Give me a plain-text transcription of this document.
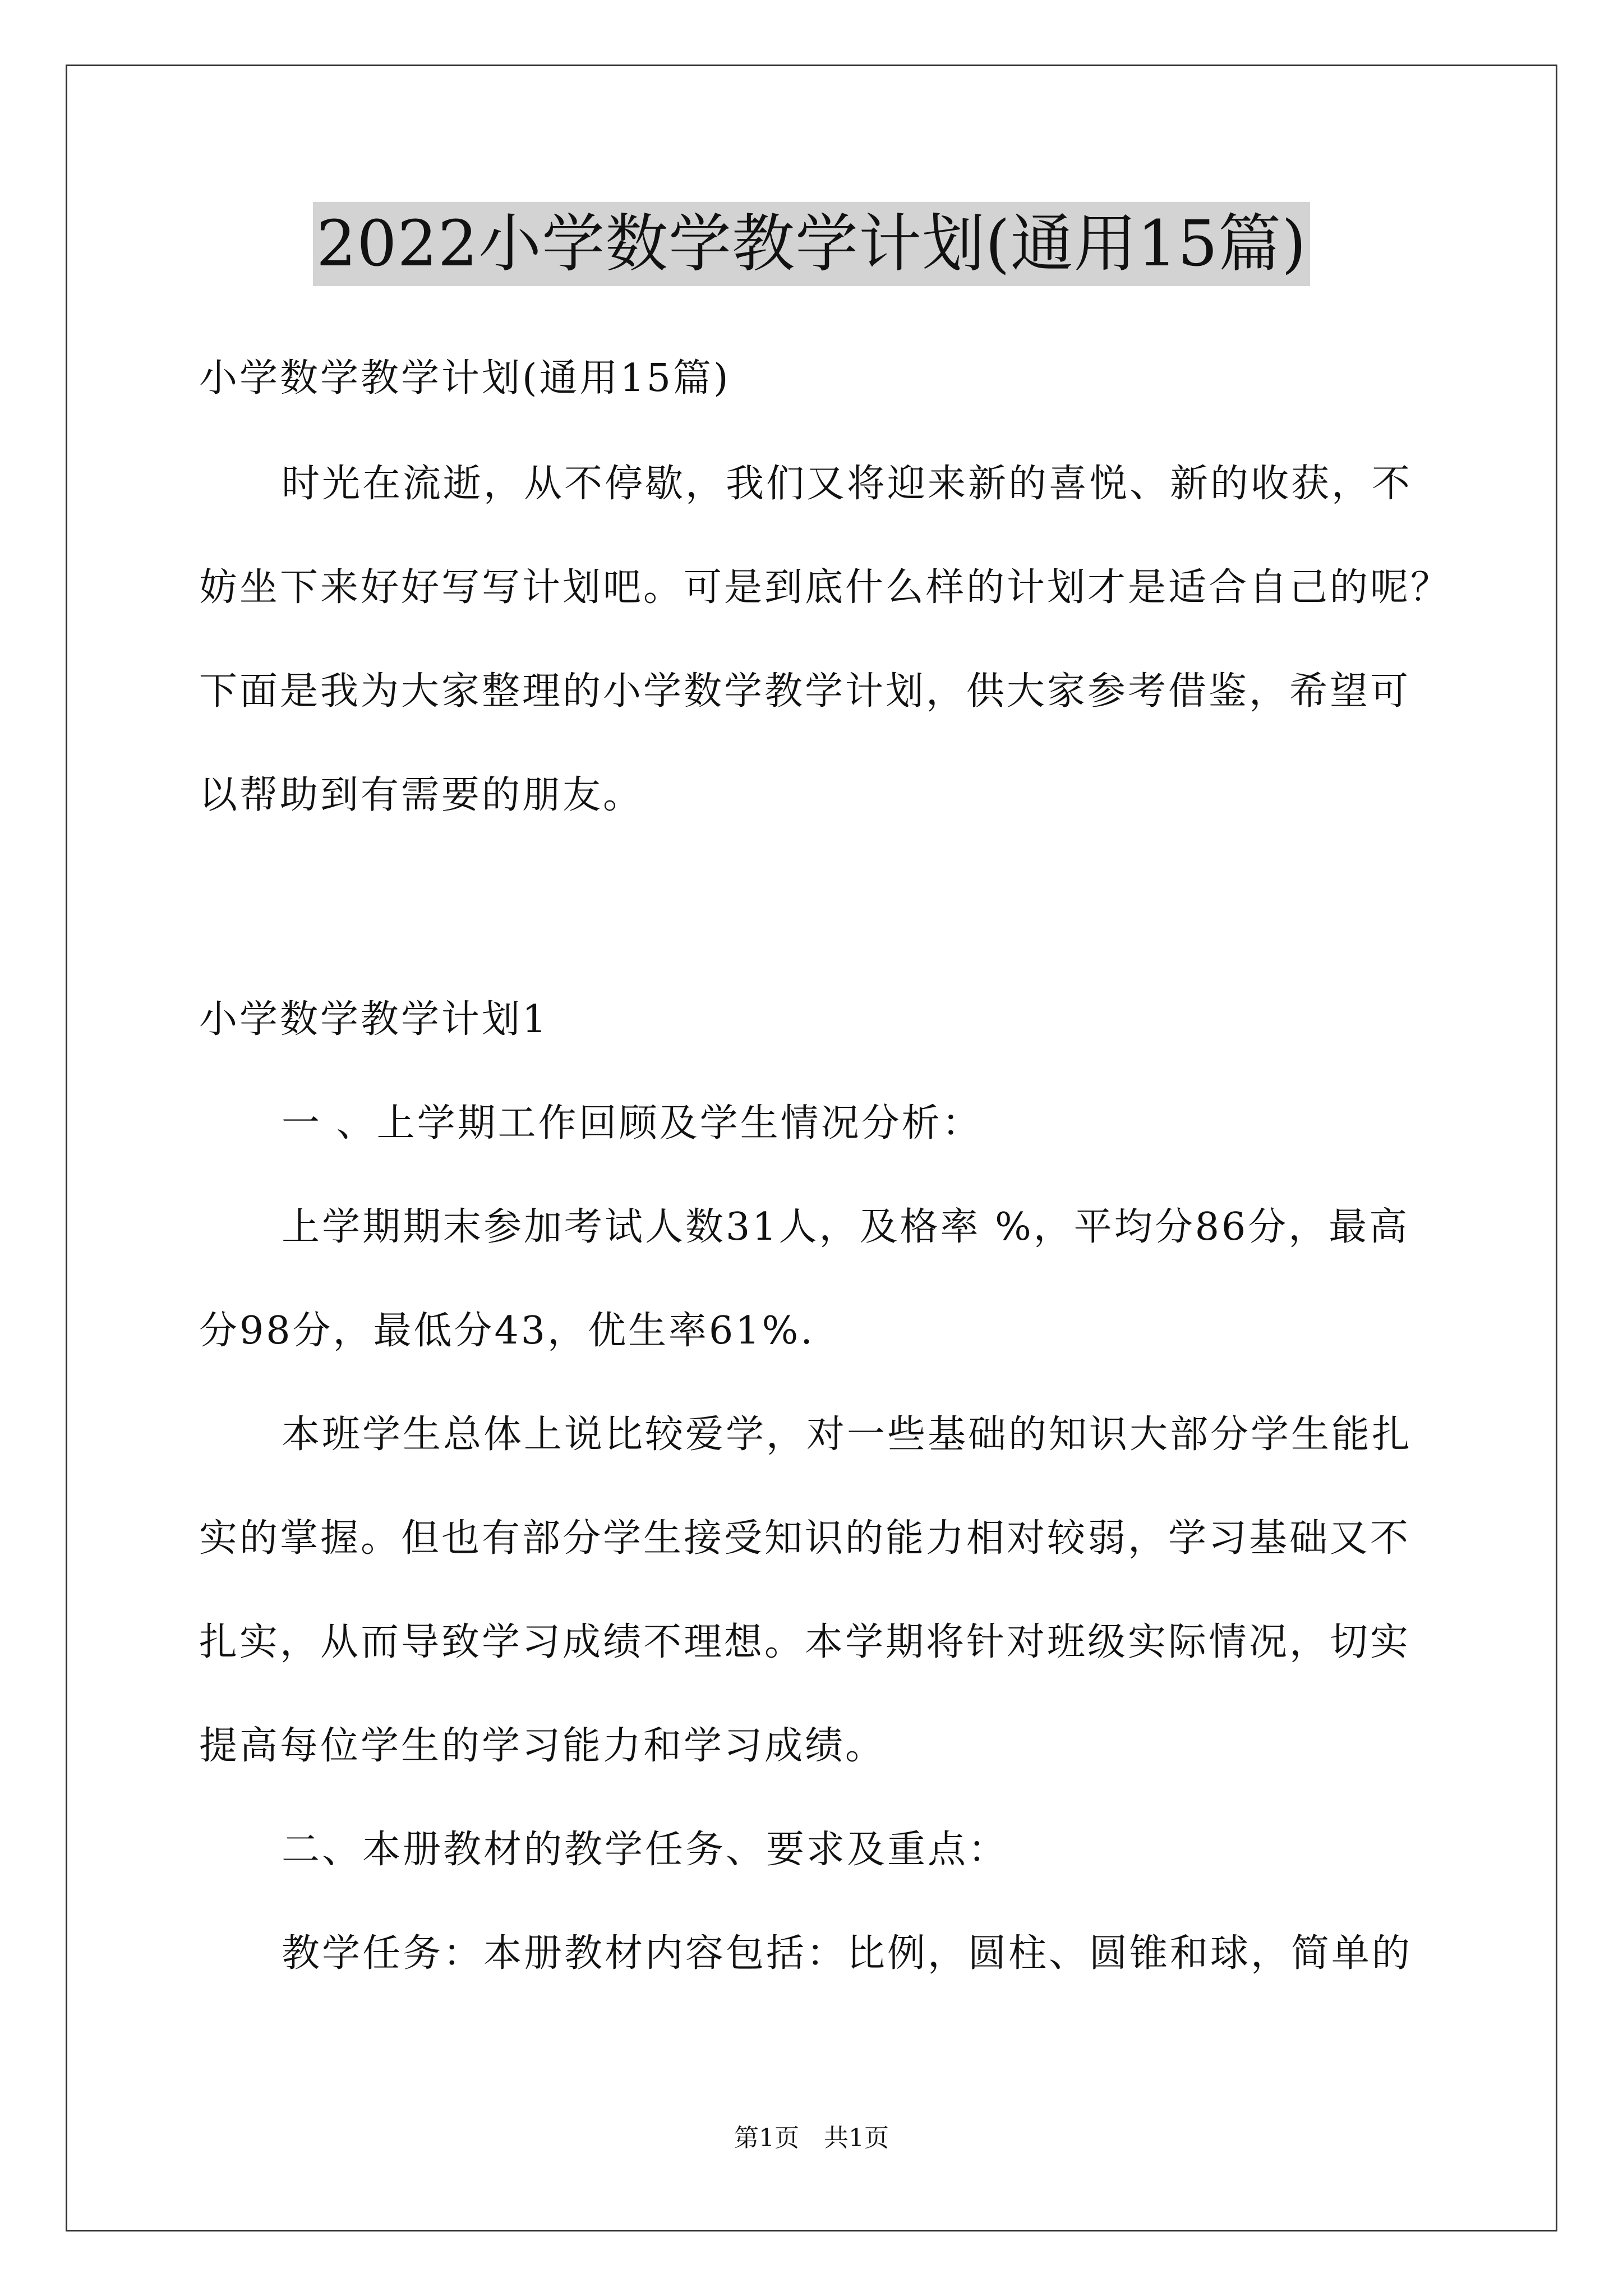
2022小学数学教学计划(通用15篇)
小学数学教学计划(通用15篇)
时光在流逝，从不停歇，我们又将迎来新的喜悦、新的收获，不
妨坐下来好好写写计划吧。可是到底什么样的计划才是适合自己的呢？
下面是我为大家整理的小学数学教学计划，供大家参考借鉴，希望可
以帮助到有需要的朋友。
小学数学教学计划1
一 、上学期工作回顾及学生情况分析：
上学期期末参加考试人数31人，及格率 %，平均分86分，最高
分98分，最低分43，优生率61%.
本班学生总体上说比较爱学，对一些基础的知识大部分学生能扎
实的掌握。但也有部分学生接受知识的能力相对较弱，学习基础又不
扎实，从而导致学习成绩不理想。本学期将针对班级实际情况，切实
提高每位学生的学习能力和学习成绩。
二、本册教材的教学任务、要求及重点：
教学任务：本册教材内容包括：比例，圆柱、圆锥和球，简单的
第1页　共1页
